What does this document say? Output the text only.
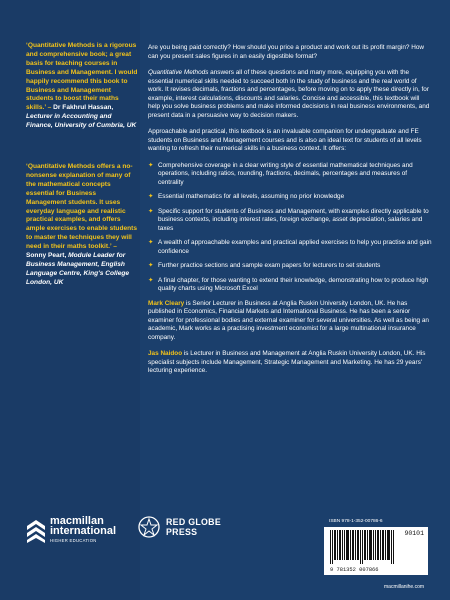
‘Quantitative Methods is a rigorous and comprehensive book; a great basis for teaching courses in Business and Management. I would happily recommend this book to Business and Management students to boost their maths skills.’ – Dr Fakhrul Hassan, Lecturer in Accounting and Finance, University of Cumbria, UK
‘Quantitative Methods offers a no-nonsense explanation of many of the mathematical concepts essential for Business Management students. It uses everyday language and realistic practical examples, and offers ample exercises to enable students to master the techniques they will need in their maths toolkit.’ – Sonny Peart, Module Leader for Business Management, English Language Centre, King's College London, UK

Are you being paid correctly? How should you price a product and work out its profit margin? How can you present sales figures in an easily digestible format?

Quantitative Methods answers all of these questions and many more, equipping you with the essential numerical skills needed to succeed both in the study of business and the real world of work. It revises decimals, fractions and percentages, before moving on to apply these directly in, for example, interest calculations, discounts and salaries. Concise and accessible, this textbook will help you solve business problems and make informed decisions in real business environments, and present data in a persuasive way to decision makers.

Approachable and practical, this textbook is an invaluable companion for undergraduate and FE students on Business and Management courses and is also an ideal text for students of all levels wanting to refresh their numerical skills in a business context. It offers:

✦ Comprehensive coverage in a clear writing style of essential mathematical techniques and operations, including ratios, rounding, fractions, decimals, percentages and measures of centrality
✦ Essential mathematics for all levels, assuming no prior knowledge
✦ Specific support for students of Business and Management, with examples directly applicable to business contexts, including interest rates, foreign exchange, asset depreciation, salaries and taxes
✦ A wealth of approachable examples and practical applied exercises to help you practise and gain confidence
✦ Further practice sections and sample exam papers for lecturers to set students
✦ A final chapter, for those wanting to extend their knowledge, demonstrating how to produce high quality charts using Microsoft Excel

Mark Cleary is Senior Lecturer in Business at Anglia Ruskin University London, UK. He has published in Economics, Financial Markets and International Business. He has been a senior examiner for professional bodies and external examiner for several universities. As well as being an academic, Mark works as a practising investment economist for a large multinational insurance company.

Jas Naidoo is Lecturer in Business and Management at Anglia Ruskin University London, UK. His specialist subjects include Management, Strategic Management and Marketing. He has 29 years' lecturing experience.

macmillan
international
HIGHER EDUCATION
RED GLOBE
PRESS
ISBN 978-1-352-00786-6
90101
9 781352 007866
macmillanihe.com
